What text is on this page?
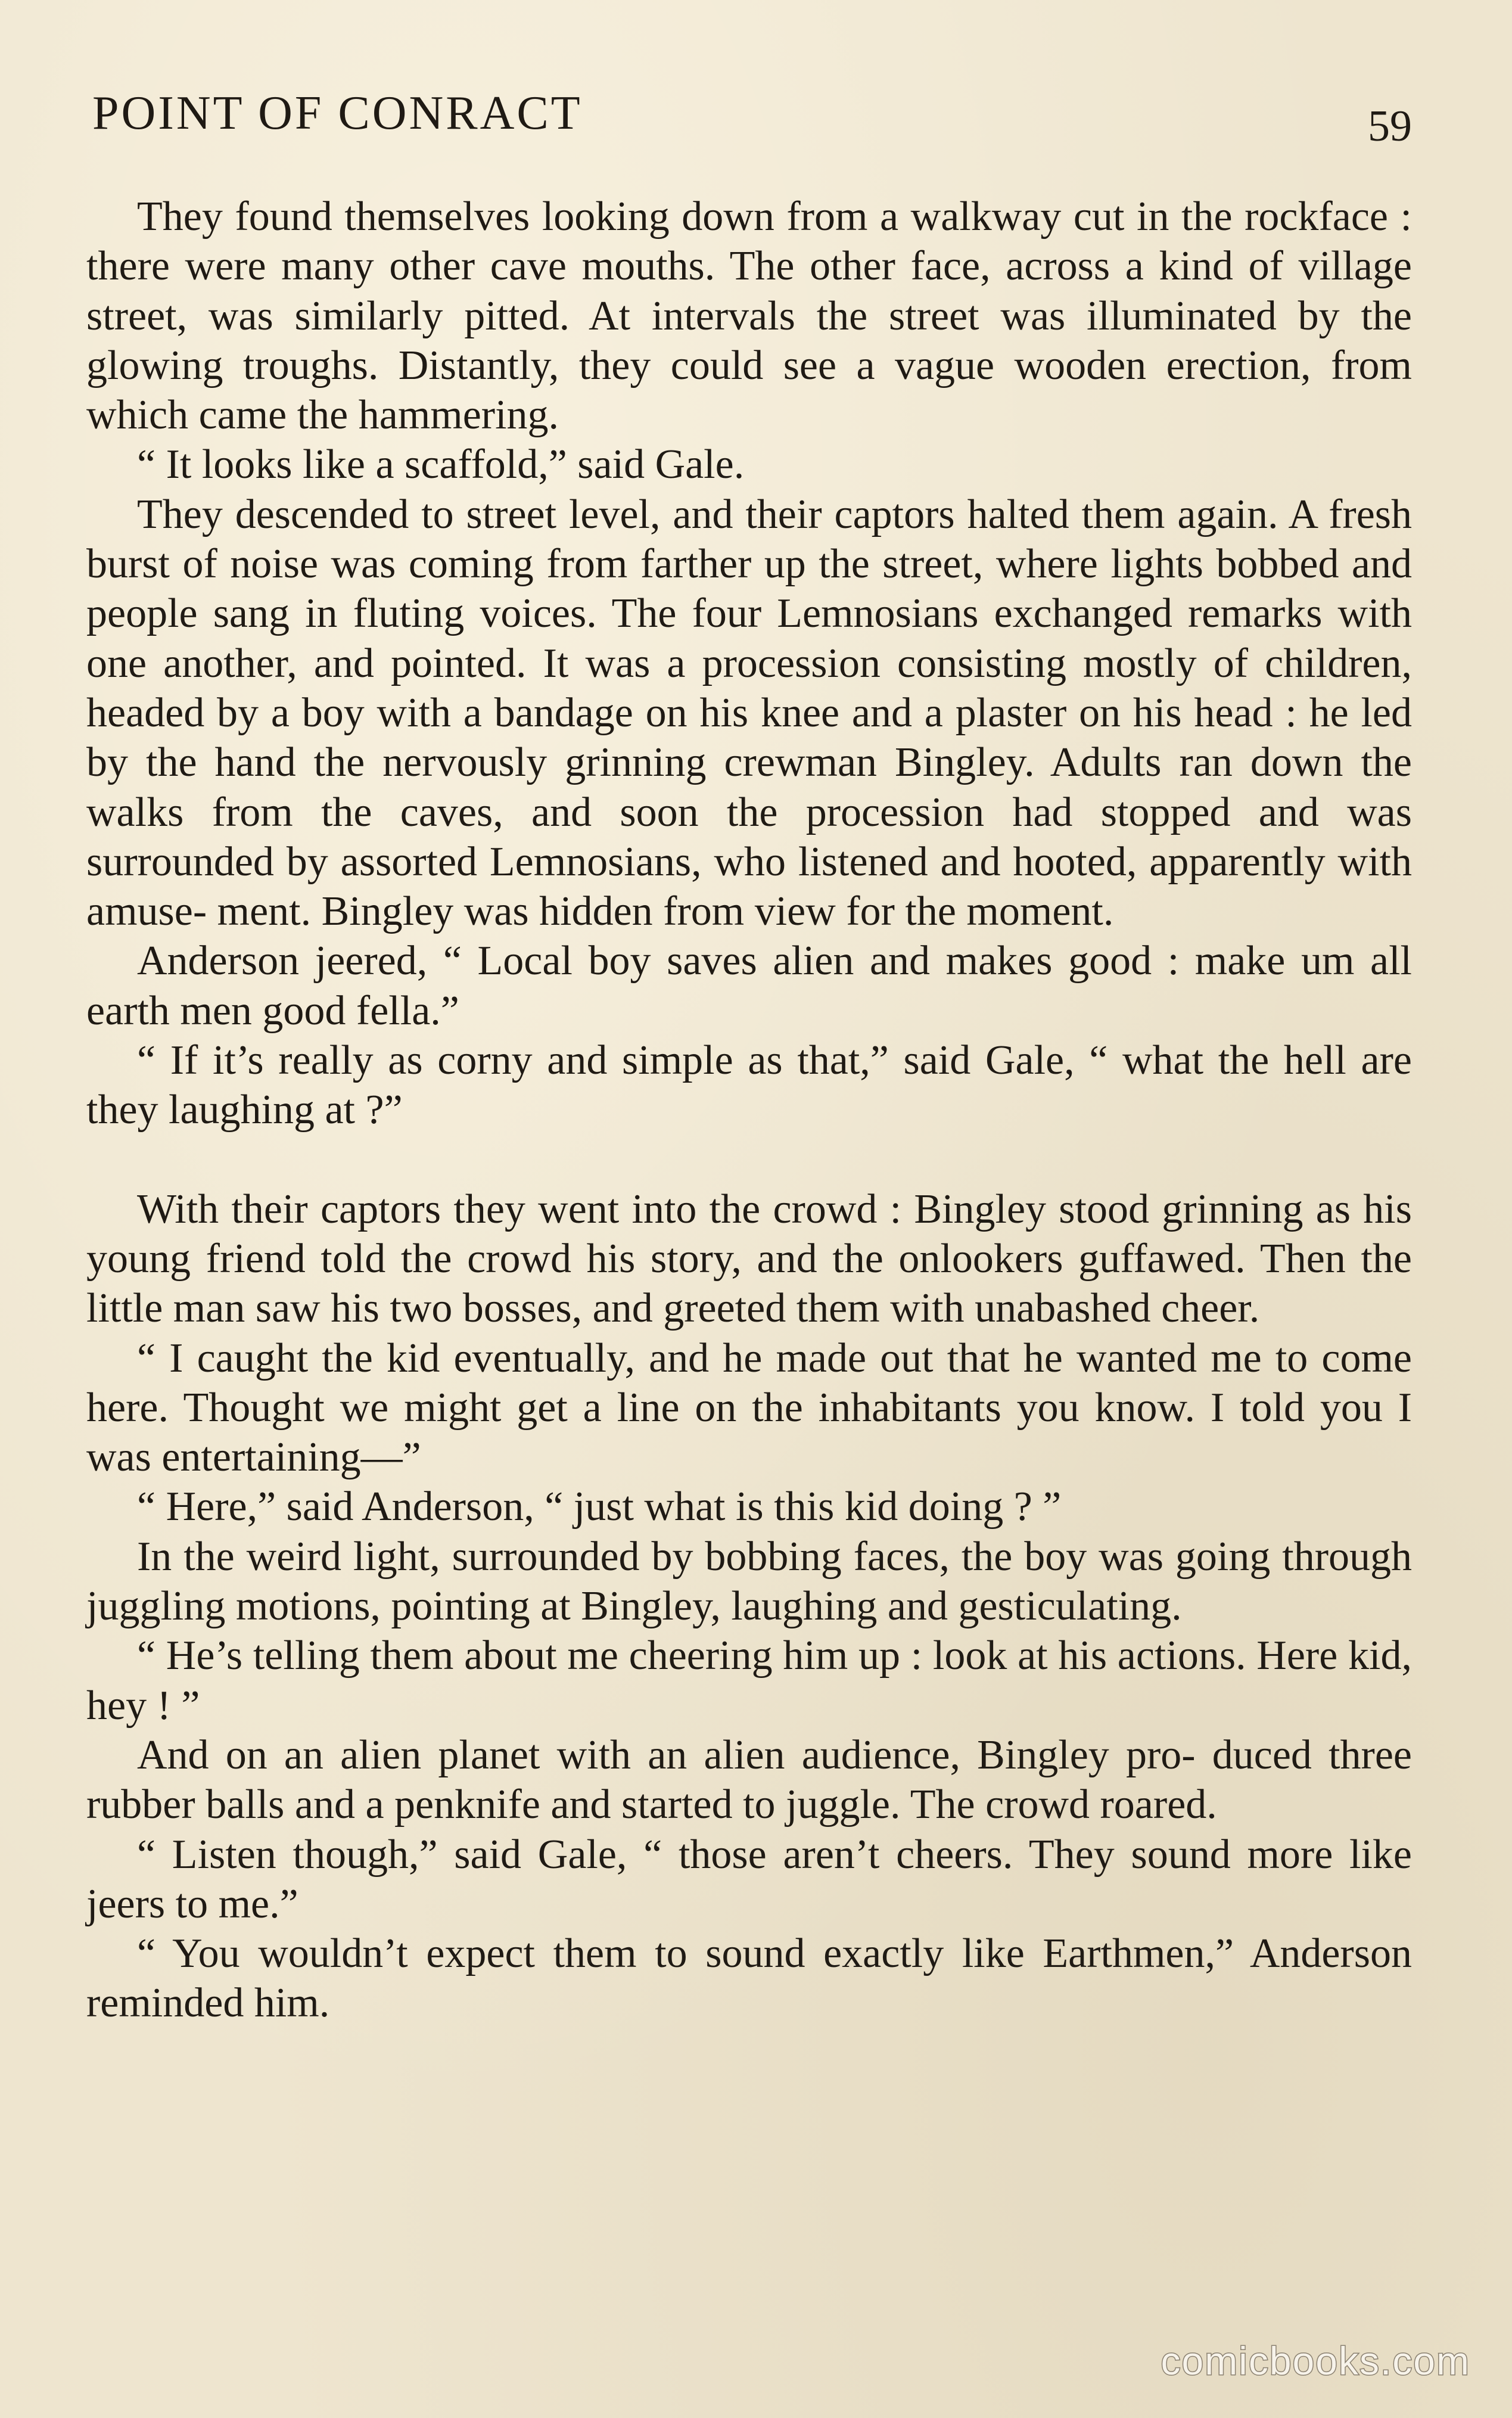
POINT OF CONRACT	59

They found themselves looking down from a walkway cut in the rockface : there were many other cave mouths. The other face, across a kind of village street, was similarly pitted. At intervals the street was illuminated by the glowing troughs. Distantly, they could see a vague wooden erection, from which came the hammering.

“ It looks like a scaffold,” said Gale.

They descended to street level, and their captors halted them again. A fresh burst of noise was coming from farther up the street, where lights bobbed and people sang in fluting voices. The four Lemnosians exchanged remarks with one another, and pointed. It was a procession consisting mostly of children, headed by a boy with a bandage on his knee and a plaster on his head : he led by the hand the nervously grinning crewman Bingley. Adults ran down the walks from the caves, and soon the procession had stopped and was surrounded by assorted Lemnosians, who listened and hooted, apparently with amuse- ment. Bingley was hidden from view for the moment.

Anderson jeered, “ Local boy saves alien and makes good : make um all earth men good fella.”

“ If it’s really as corny and simple as that,” said Gale, “ what the hell are they laughing at ?”

With their captors they went into the crowd : Bingley stood grinning as his young friend told the crowd his story, and the onlookers guffawed. Then the little man saw his two bosses, and greeted them with unabashed cheer.

“ I caught the kid eventually, and he made out that he wanted me to come here. Thought we might get a line on the inhabitants you know. I told you I was entertaining—”

“ Here,” said Anderson, “ just what is this kid doing ? ”

In the weird light, surrounded by bobbing faces, the boy was going through juggling motions, pointing at Bingley, laughing and gesticulating.

“ He’s telling them about me cheering him up : look at his actions. Here kid, hey ! ”

And on an alien planet with an alien audience, Bingley pro- duced three rubber balls and a penknife and started to juggle. The crowd roared.

“ Listen though,” said Gale, “ those aren’t cheers. They sound more like jeers to me.”

“ You wouldn’t expect them to sound exactly like Earthmen,” Anderson reminded him.

comicbooks.com
